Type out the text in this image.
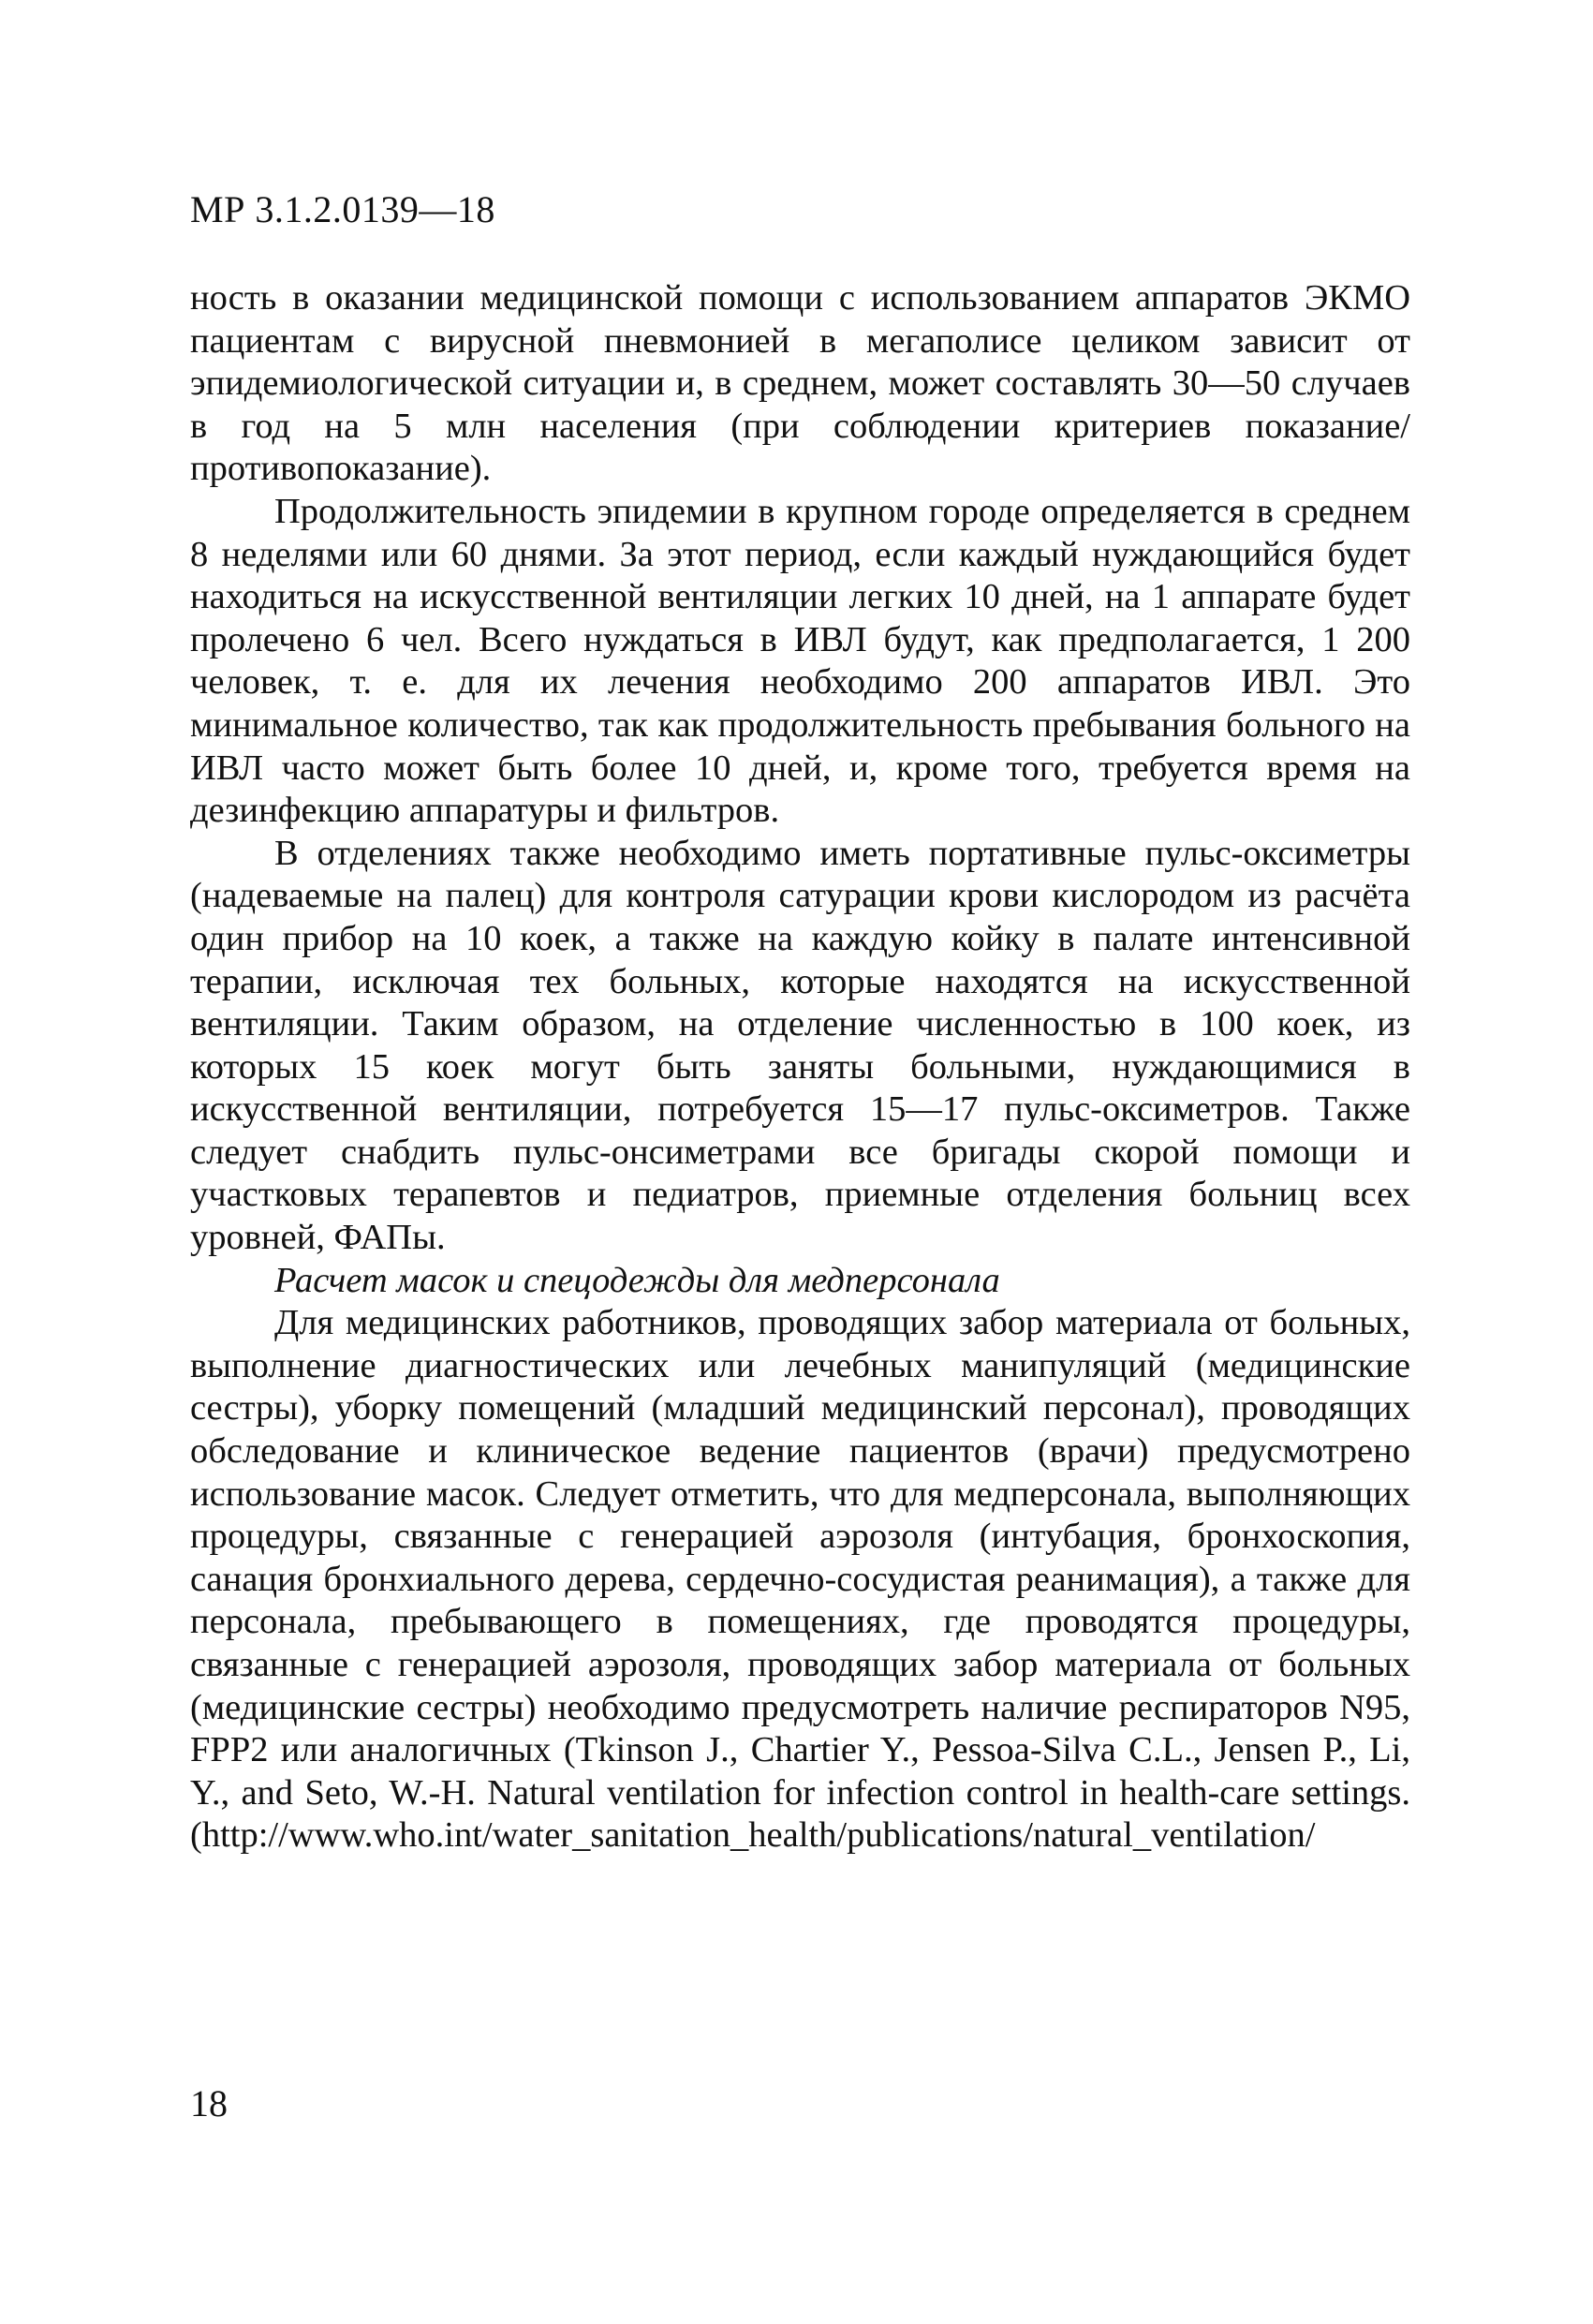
МР 3.1.2.0139—18

ность в оказании медицинской помощи с использованием аппаратов ЭКМО пациентам с вирусной пневмонией в мегаполисе целиком зависит от эпидемиологической ситуации и, в среднем, может составлять 30—50 случаев в год на 5 млн населения (при соблюдении критериев показание/противопоказание).

Продолжительность эпидемии в крупном городе определяется в среднем 8 неделями или 60 днями. За этот период, если каждый нуждающийся будет находиться на искусственной вентиляции легких 10 дней, на 1 аппарате будет пролечено 6 чел. Всего нуждаться в ИВЛ будут, как предполагается, 1 200 человек, т. е. для их лечения необходимо 200 аппаратов ИВЛ. Это минимальное количество, так как продолжительность пребывания больного на ИВЛ часто может быть более 10 дней, и, кроме того, требуется время на дезинфекцию аппаратуры и фильтров.

В отделениях также необходимо иметь портативные пульс-оксиметры (надеваемые на палец) для контроля сатурации крови кислородом из расчёта один прибор на 10 коек, а также на каждую койку в палате интенсивной терапии, исключая тех больных, которые находятся на искусственной вентиляции. Таким образом, на отделение численностью в 100 коек, из которых 15 коек могут быть заняты больными, нуждающимися в искусственной вентиляции, потребуется 15—17 пульс-оксиметров. Также следует снабдить пульс-онсиметрами все бригады скорой помощи и участковых терапевтов и педиатров, приемные отделения больниц всех уровней, ФАПы.

Расчет масок и спецодежды для медперсонала

Для медицинских работников, проводящих забор материала от больных, выполнение диагностических или лечебных манипуляций (медицинские сестры), уборку помещений (младший медицинский персонал), проводящих обследование и клиническое ведение пациентов (врачи) предусмотрено использование масок. Следует отметить, что для медперсонала, выполняющих процедуры, связанные с генерацией аэрозоля (интубация, бронхоскопия, санация бронхиального дерева, сердечно-сосудистая реанимация), а также для персонала, пребывающего в помещениях, где проводятся процедуры, связанные с генерацией аэрозоля, проводящих забор материала от больных (медицинские сестры) необходимо предусмотреть наличие респираторов N95, FPP2 или аналогичных (Tkinson J., Chartier Y., Pessoa-Silva C.L., Jensen P., Li, Y., and Seto, W.-H. Natural ventilation for infection control in health-care settings. (http://www.who.int/water_sanitation_health/publications/natural_ventilation/

18
